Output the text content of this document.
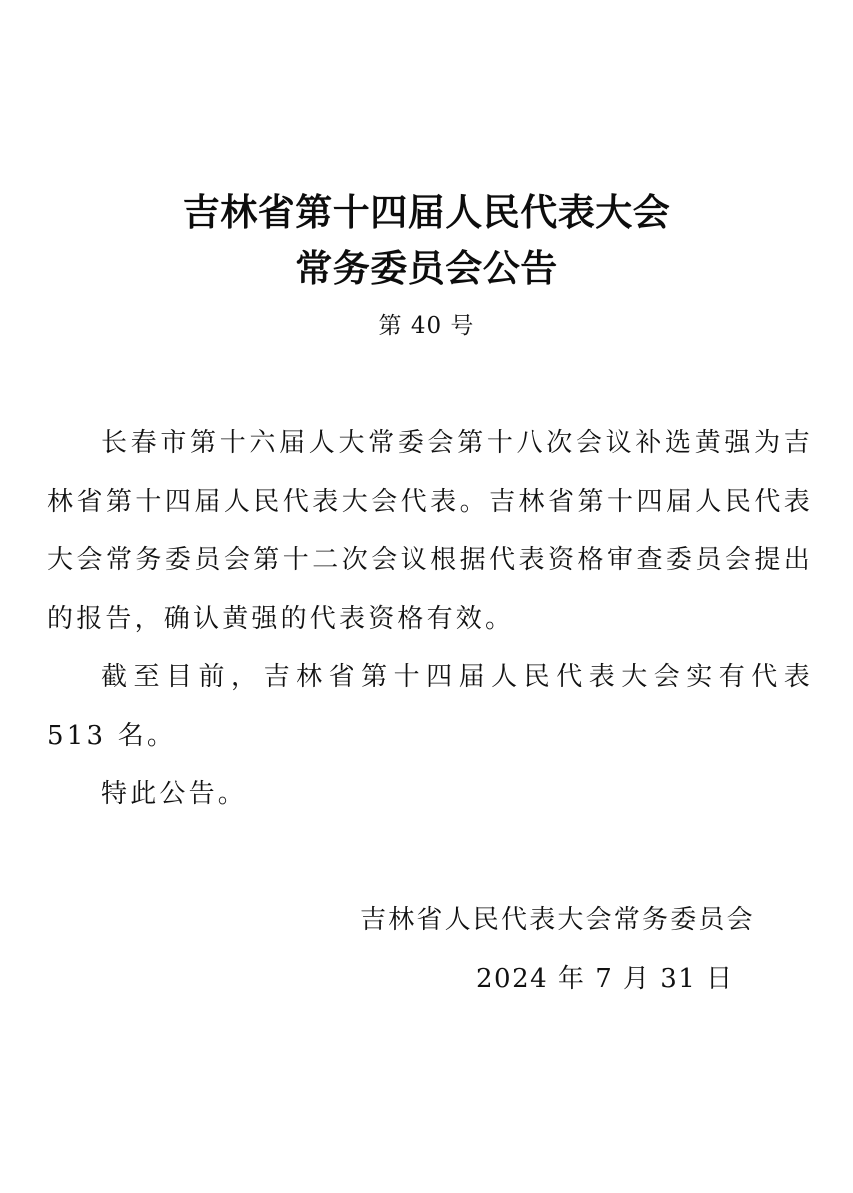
吉林省第十四届人民代表大会
常务委员会公告
第 40 号

长春市第十六届人大常委会第十八次会议补选黄强为吉林省第十四届人民代表大会代表。吉林省第十四届人民代表大会常务委员会第十二次会议根据代表资格审查委员会提出的报告，确认黄强的代表资格有效。

截至目前，吉林省第十四届人民代表大会实有代表 513 名。

特此公告。

吉林省人民代表大会常务委员会
2024 年 7 月 31 日
